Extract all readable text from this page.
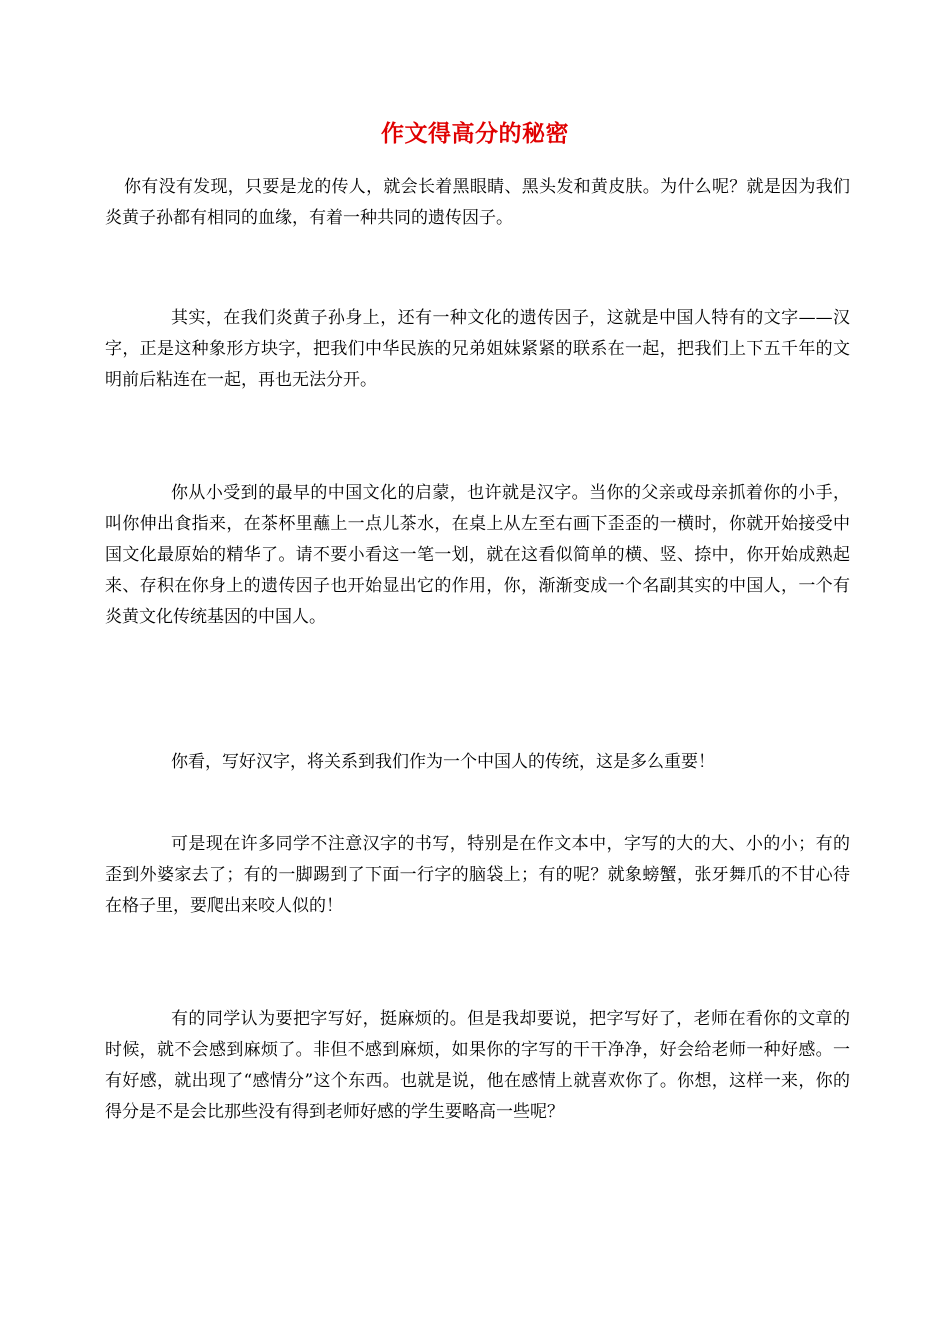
作文得高分的秘密

你有没有发现，只要是龙的传人，就会长着黑眼睛、黑头发和黄皮肤。为什么呢？就是因为我们炎黄子孙都有相同的血缘，有着一种共同的遗传因子。

其实，在我们炎黄子孙身上，还有一种文化的遗传因子，这就是中国人特有的文字——汉字，正是这种象形方块字，把我们中华民族的兄弟姐妹紧紧的联系在一起，把我们上下五千年的文明前后粘连在一起，再也无法分开。

你从小受到的最早的中国文化的启蒙，也许就是汉字。当你的父亲或母亲抓着你的小手，叫你伸出食指来，在茶杯里蘸上一点儿茶水，在桌上从左至右画下歪歪的一横时，你就开始接受中国文化最原始的精华了。请不要小看这一笔一划，就在这看似简单的横、竖、捺中，你开始成熟起来、存积在你身上的遗传因子也开始显出它的作用，你，渐渐变成一个名副其实的中国人，一个有炎黄文化传统基因的中国人。

你看，写好汉字，将关系到我们作为一个中国人的传统，这是多么重要！

可是现在许多同学不注意汉字的书写，特别是在作文本中，字写的大的大、小的小；有的歪到外婆家去了；有的一脚踢到了下面一行字的脑袋上；有的呢？就象螃蟹，张牙舞爪的不甘心待在格子里，要爬出来咬人似的！

有的同学认为要把字写好，挺麻烦的。但是我却要说，把字写好了，老师在看你的文章的时候，就不会感到麻烦了。非但不感到麻烦，如果你的字写的干干净净，好会给老师一种好感。一有好感，就出现了“感情分”这个东西。也就是说，他在感情上就喜欢你了。你想，这样一来，你的得分是不是会比那些没有得到老师好感的学生要略高一些呢？
